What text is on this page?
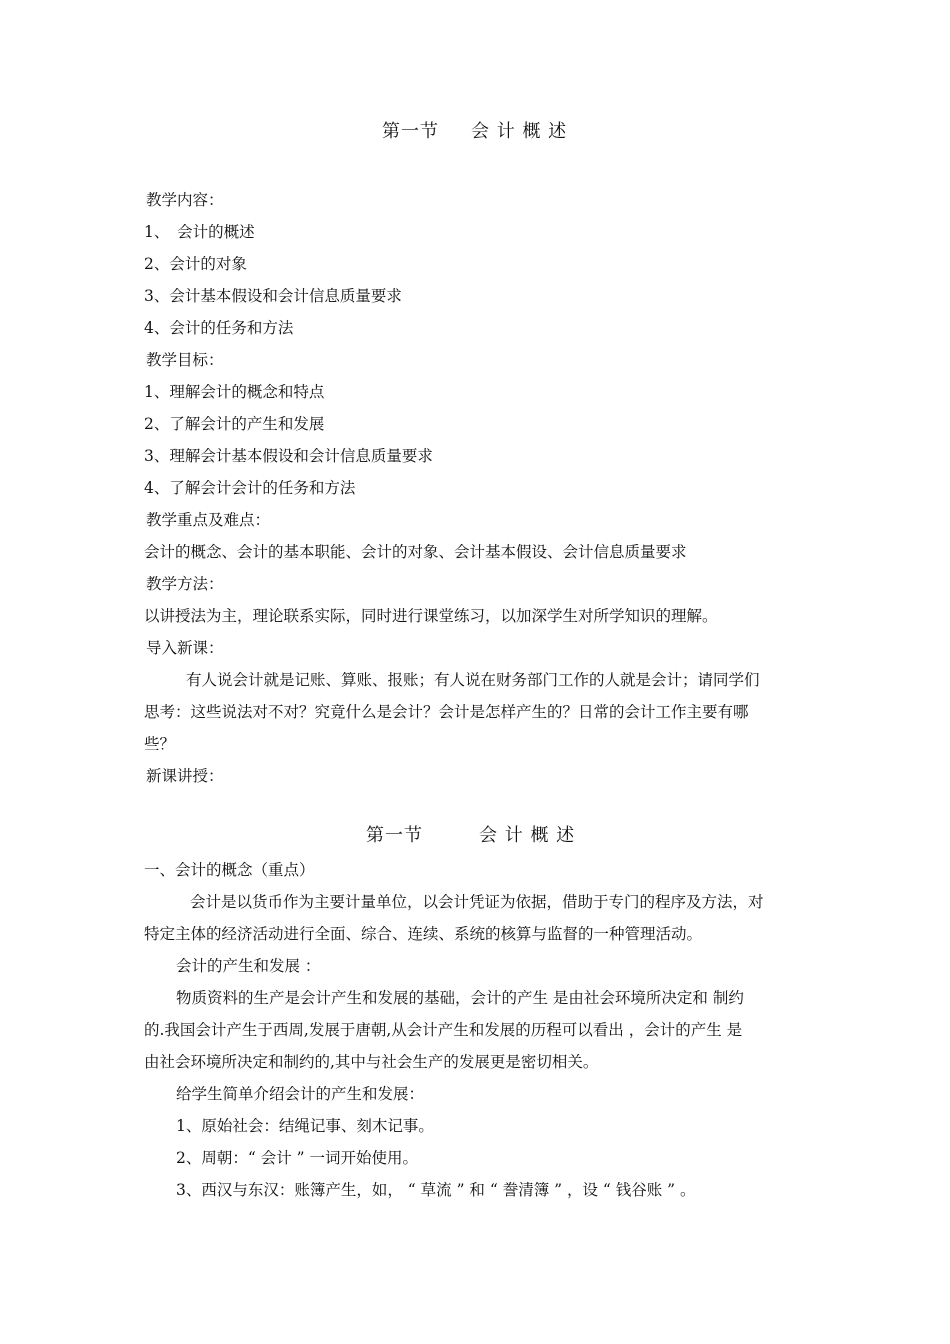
第一节 会 计 概 述
教学内容：
1、　会计的概述
2、会计的对象
3、会计基本假设和会计信息质量要求
4、会计的任务和方法
教学目标：
1、理解会计的概念和特点
2、了解会计的产生和发展
3、理解会计基本假设和会计信息质量要求
4、了解会计会计的任务和方法
教学重点及难点：
会计的概念、会计的基本职能、会计的对象、会计基本假设、会计信息质量要求
教学方法：
以讲授法为主，理论联系实际，同时进行课堂练习，以加深学生对所学知识的理解。
导入新课：
有人说会计就是记账、算账、报账；有人说在财务部门工作的人就是会计；请同学们
思考：这些说法对不对？究竟什么是会计？会计是怎样产生的？日常的会计工作主要有哪
些？
新课讲授：
第一节	会 计 概 述
一、会计的概念（重点）
会计是以货币作为主要计量单位，以会计凭证为依据，借助于专门的程序及方法，对
特定主体的经济活动进行全面、综合、连续、系统的核算与监督的一种管理活动。
会计的产生和发展 ：
物质资料的生产是会计产生和发展的基础，会计的产生 是由社会环境所决定和 制约
的.我国会计产生于西周,发展于唐朝,从会计产生和发展的历程可以看出 ，会计的产生 是
由社会环境所决定和制约的,其中与社会生产的发展更是密切相关。
给学生简单介绍会计的产生和发展：
1、原始社会：结绳记事、刻木记事。
2、周朝：“ 会计 ” 一词开始使用。
3、西汉与东汉：账簿产生，如， “ 草流 ” 和 “ 誊清簿 ” ，设 “ 钱谷账 ” 。
